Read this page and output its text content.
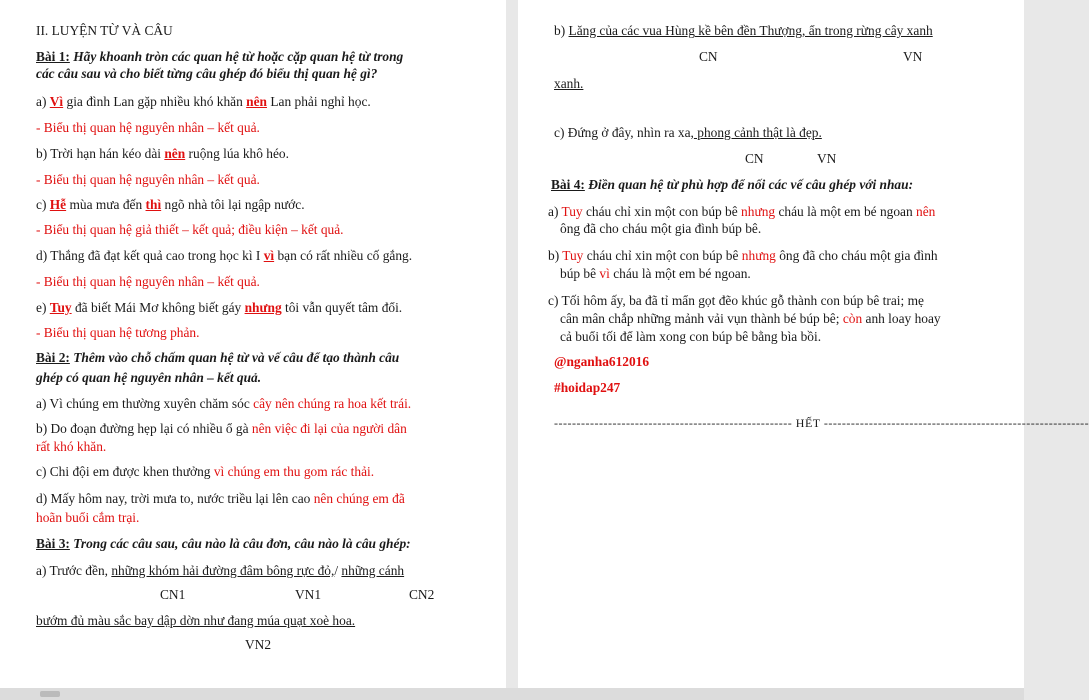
II. LUYỆN TỪ VÀ CÂU
Bài 1: Hãy khoanh tròn các quan hệ từ hoặc cặp quan hệ từ trong
các câu sau và cho biết từng câu ghép đó biểu thị quan hệ gì?
a) Vì gia đình Lan gặp nhiều khó khăn nên Lan phải nghỉ học.
- Biểu thị quan hệ nguyên nhân – kết quả.
b) Trời hạn hán kéo dài nên ruộng lúa khô héo.
- Biểu thị quan hệ nguyên nhân – kết quả.
c) Hễ mùa mưa đến thì ngõ nhà tôi lại ngập nước.
- Biểu thị quan hệ giả thiết – kết quả; điều kiện – kết quả.
d) Thắng đã đạt kết quả cao trong học kì I vì bạn có rất nhiều cố gắng.
- Biểu thị quan hệ nguyên nhân – kết quả.
e) Tuy đã biết Mái Mơ không biết gáy nhưng tôi vẫn quyết tâm đổi.
- Biểu thị quan hệ tương phản.
Bài 2: Thêm vào chỗ chấm quan hệ từ và vế câu để tạo thành câu
ghép có quan hệ nguyên nhân – kết quả.
a) Vì chúng em thường xuyên chăm sóc cây nên chúng ra hoa kết trái.
b) Do đoạn đường hẹp lại có nhiều ổ gà nên việc đi lại của người dân
rất khó khăn.
c) Chi đội em được khen thưởng vì chúng em thu gom rác thải.
d) Mấy hôm nay, trời mưa to, nước triều lại lên cao nên chúng em đã
hoãn buổi cắm trại.
Bài 3: Trong các câu sau, câu nào là câu đơn, câu nào là câu ghép:
a) Trước đền, những khóm hải đường đâm bông rực đỏ,/ những cánh
CN1	VN1	CN2
bướm đủ màu sắc bay dập dờn như đang múa quạt xoè hoa.
VN2
b) Lăng của các vua Hùng kề bên đền Thượng, ẩn trong rừng cây xanh
CN	VN
xanh.
c) Đứng ở đây, nhìn ra xa, phong cảnh thật là đẹp.
CN	VN
Bài 4: Điền quan hệ từ phù hợp để nối các vế câu ghép với nhau:
a) Tuy cháu chỉ xin một con búp bê nhưng cháu là một em bé ngoan nên
ông đã cho cháu một gia đình búp bê.
b) Tuy cháu chỉ xin một con búp bê nhưng ông đã cho cháu một gia đình
búp bê vì cháu là một em bé ngoan.
c) Tối hôm ấy, ba đã tỉ mẩn gọt đẽo khúc gỗ thành con búp bê trai; mẹ
cân mân chắp những mảnh vải vụn thành bé búp bê; còn anh loay hoay
cả buổi tối để làm xong con búp bê bằng bìa bồi.
@nganha612016
#hoidap247
----------------------------------------------------- HẾT -----------------------------------------------------------
